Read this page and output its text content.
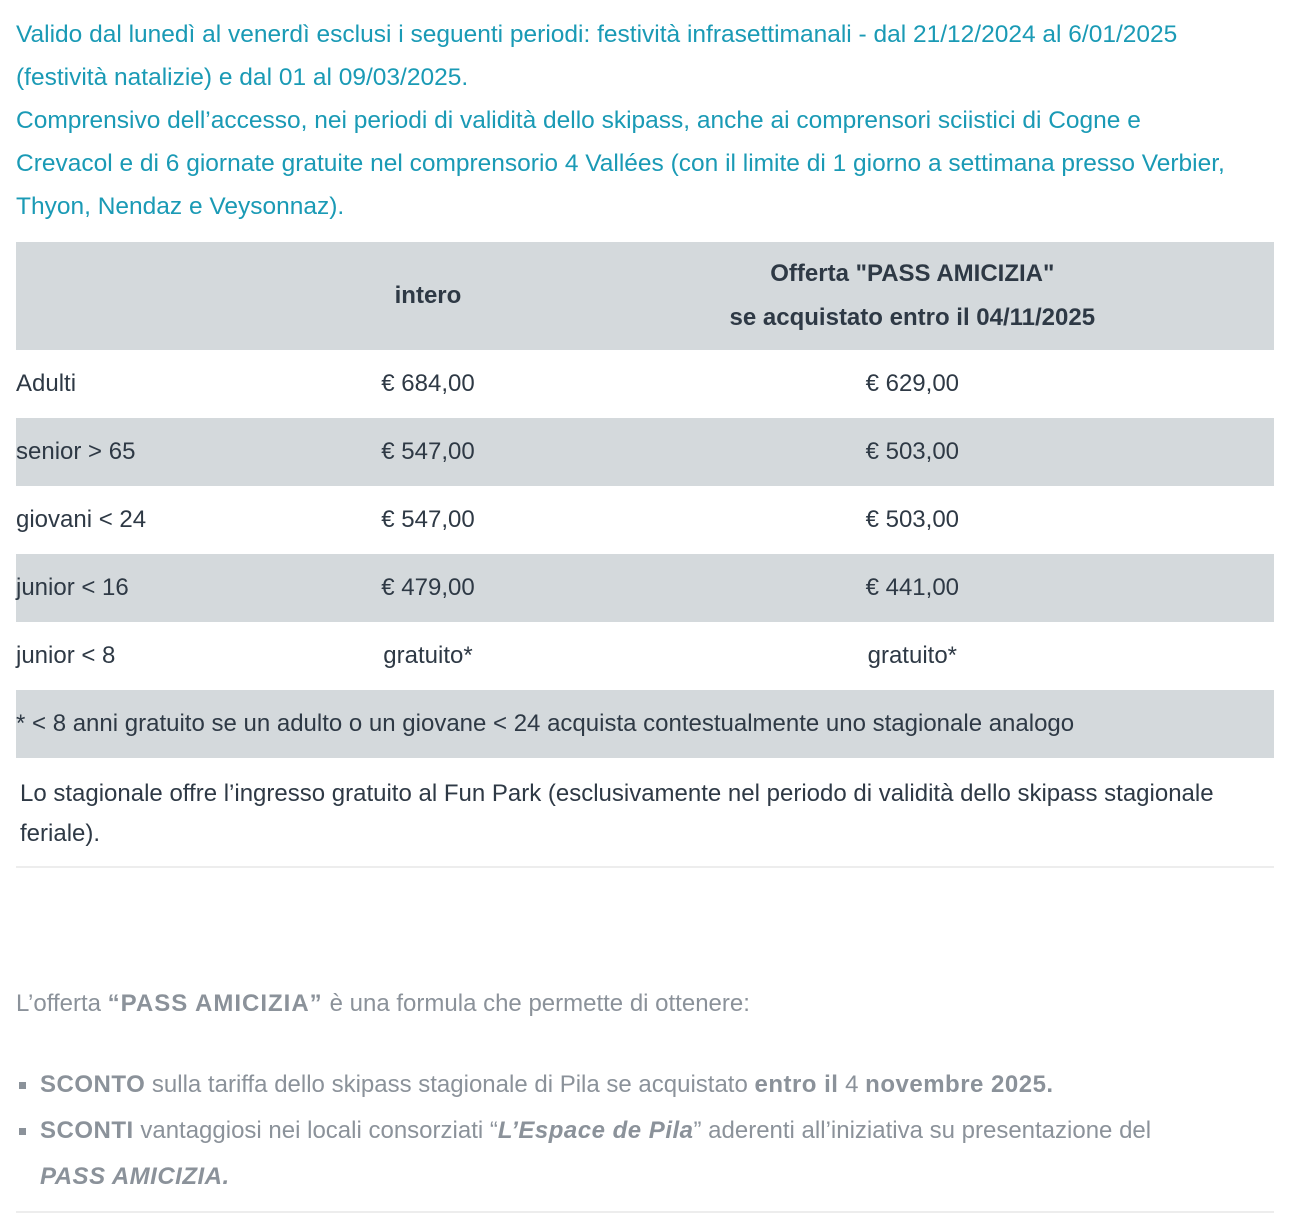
Valido dal lunedì al venerdì esclusi i seguenti periodi: festività infrasettimanali - dal 21/12/2024 al 6/01/2025 (festività natalizie) e dal 01 al 09/03/2025.

Comprensivo dell’accesso, nei periodi di validità dello skipass, anche ai comprensori sciistici di Cogne e Crevacol e di 6 giornate gratuite nel comprensorio 4 Vallées (con il limite di 1 giorno a settimana presso Verbier, Thyon, Nendaz e Veysonnaz).

	intero	Offerta "PASS AMICIZIA"
se acquistato entro il 04/11/2025

Adulti	€ 684,00	€ 629,00
senior > 65	€ 547,00	€ 503,00
giovani < 24	€ 547,00	€ 503,00
junior < 16	€ 479,00	€ 441,00
junior < 8	gratuito*	gratuito*
* < 8 anni gratuito se un adulto o un giovane < 24 acquista contestualmente uno stagionale analogo		
Lo stagionale offre l’ingresso gratuito al Fun Park (esclusivamente nel periodo di validità dello skipass stagionale feriale).

L’offerta “PASS AMICIZIA” è una formula che permette di ottenere:

SCONTO sulla tariffa dello skipass stagionale di Pila se acquistato entro il 4 novembre 2025.
SCONTI vantaggiosi nei locali consorziati “L’Espace de Pila” aderenti all’iniziativa su presentazione del PASS AMICIZIA.
